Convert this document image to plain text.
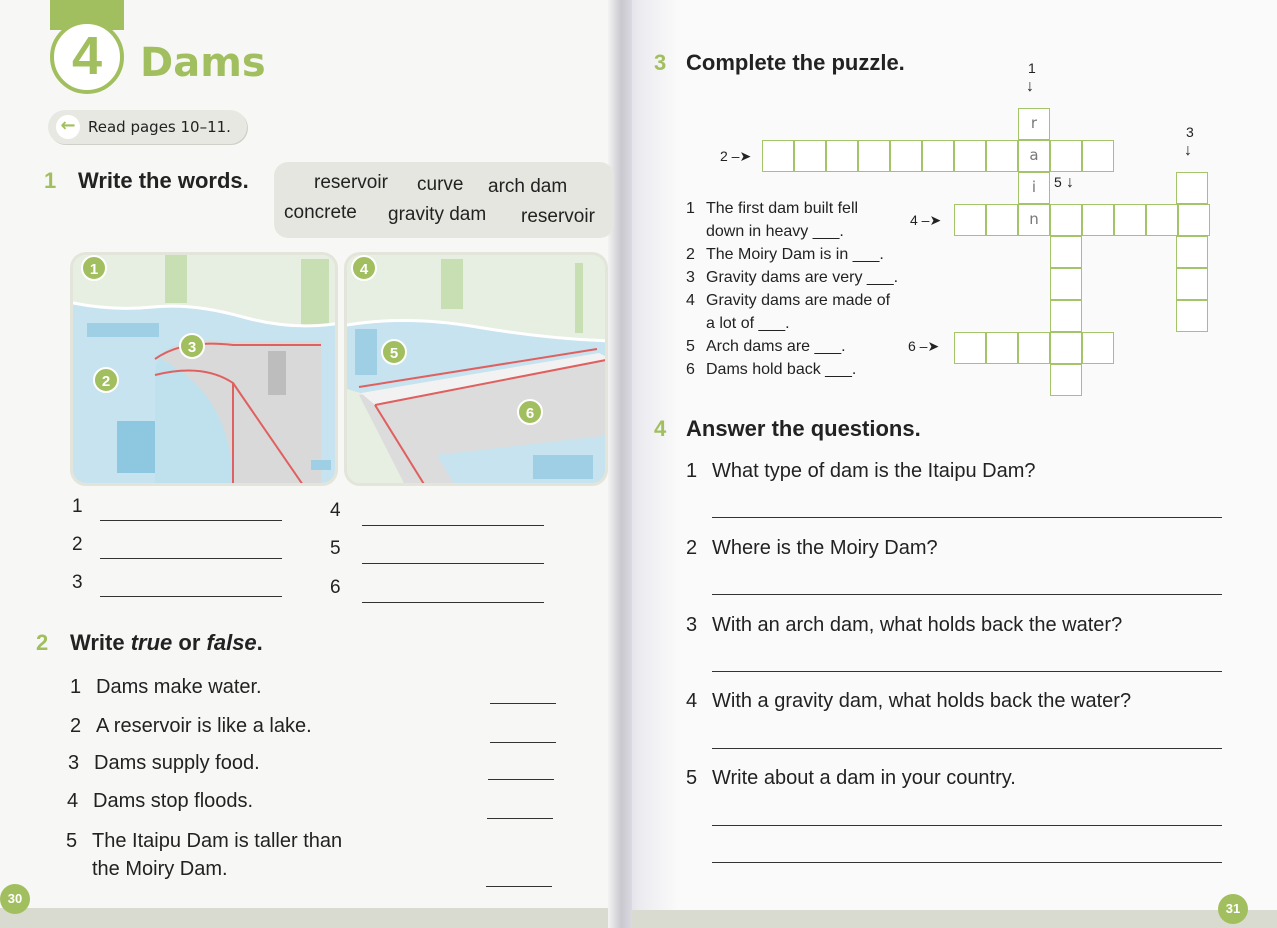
4 Dams
← Read pages 10–11.
1 Write the words.	reservoir curve arch dam
concrete gravity dam reservoir
1
2
3
4
5
6
1
2
3
4
5
6
2 Write true or false.
1 Dams make water.
2 A reservoir is like a lake.
3 Dams supply food.
4 Dams stop floods.
5 The Itaipu Dam is taller than
the Moiry Dam.
30
3 Complete the puzzle.	1
↓
2 –➤
3
↓
5 ↓
4 –➤
6 –➤
a
r
i
n
1 The first dam built fell
down in heavy ___.
2 The Moiry Dam is in ___.
3 Gravity dams are very ___.
4 Gravity dams are made of
a lot of ___.
5 Arch dams are ___.
6 Dams hold back ___.
4 Answer the questions.
1 What type of dam is the Itaipu Dam?
2 Where is the Moiry Dam?
3 With an arch dam, what holds back the water?
4 With a gravity dam, what holds back the water?
5 Write about a dam in your country.
31
